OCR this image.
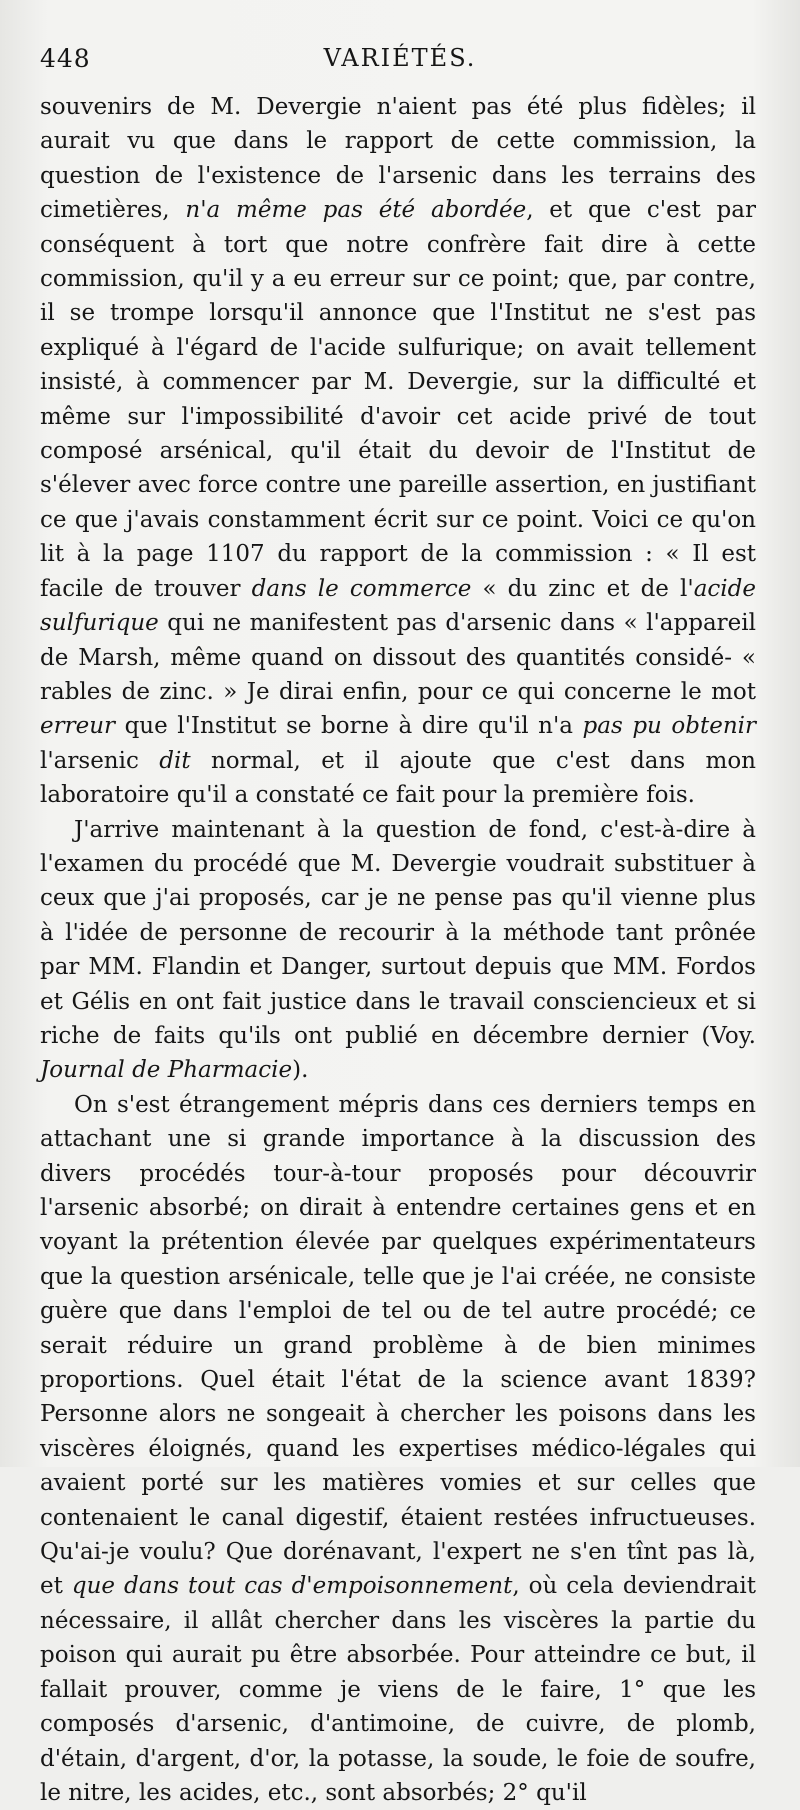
448	VARIÉTÉS.

souvenirs de M. Devergie n'aient pas été plus fidèles; il aurait vu que dans le rapport de cette commission, la question de l'existence de l'arsenic dans les terrains des cimetières, n'a même pas été abordée, et que c'est par conséquent à tort que notre confrère fait dire à cette commission, qu'il y a eu erreur sur ce point; que, par contre, il se trompe lorsqu'il annonce que l'Institut ne s'est pas expliqué à l'égard de l'acide sulfurique; on avait tellement insisté, à commencer par M. Devergie, sur la difficulté et même sur l'impossibilité d'avoir cet acide privé de tout composé arsénical, qu'il était du devoir de l'Institut de s'élever avec force contre une pareille assertion, en justifiant ce que j'avais constamment écrit sur ce point. Voici ce qu'on lit à la page 1107 du rapport de la commission : « Il est facile de trouver dans le commerce « du zinc et de l'acide sulfurique qui ne manifestent pas d'arsenic dans « l'appareil de Marsh, même quand on dissout des quantités considé- « rables de zinc. » Je dirai enfin, pour ce qui concerne le mot erreur que l'Institut se borne à dire qu'il n'a pas pu obtenir l'arsenic dit normal, et il ajoute que c'est dans mon laboratoire qu'il a constaté ce fait pour la première fois.

J'arrive maintenant à la question de fond, c'est-à-dire à l'examen du procédé que M. Devergie voudrait substituer à ceux que j'ai proposés, car je ne pense pas qu'il vienne plus à l'idée de personne de recourir à la méthode tant prônée par MM. Flandin et Danger, surtout depuis que MM. Fordos et Gélis en ont fait justice dans le travail consciencieux et si riche de faits qu'ils ont publié en décembre dernier (Voy. Journal de Pharmacie).

On s'est étrangement mépris dans ces derniers temps en attachant une si grande importance à la discussion des divers procédés tour-à-tour proposés pour découvrir l'arsenic absorbé; on dirait à entendre certaines gens et en voyant la prétention élevée par quelques expérimentateurs que la question arsénicale, telle que je l'ai créée, ne consiste guère que dans l'emploi de tel ou de tel autre procédé; ce serait réduire un grand problème à de bien minimes proportions. Quel était l'état de la science avant 1839? Personne alors ne songeait à chercher les poisons dans les viscères éloignés, quand les expertises médico-légales qui avaient porté sur les matières vomies et sur celles que contenaient le canal digestif, étaient restées infructueuses. Qu'ai-je voulu? Que dorénavant, l'expert ne s'en tînt pas là, et que dans tout cas d'empoisonnement, où cela deviendrait nécessaire, il allât chercher dans les viscères la partie du poison qui aurait pu être absorbée. Pour atteindre ce but, il fallait prouver, comme je viens de le faire, 1° que les composés d'arsenic, d'antimoine, de cuivre, de plomb, d'étain, d'argent, d'or, la potasse, la soude, le foie de soufre, le nitre, les acides, etc., sont absorbés; 2° qu'il
